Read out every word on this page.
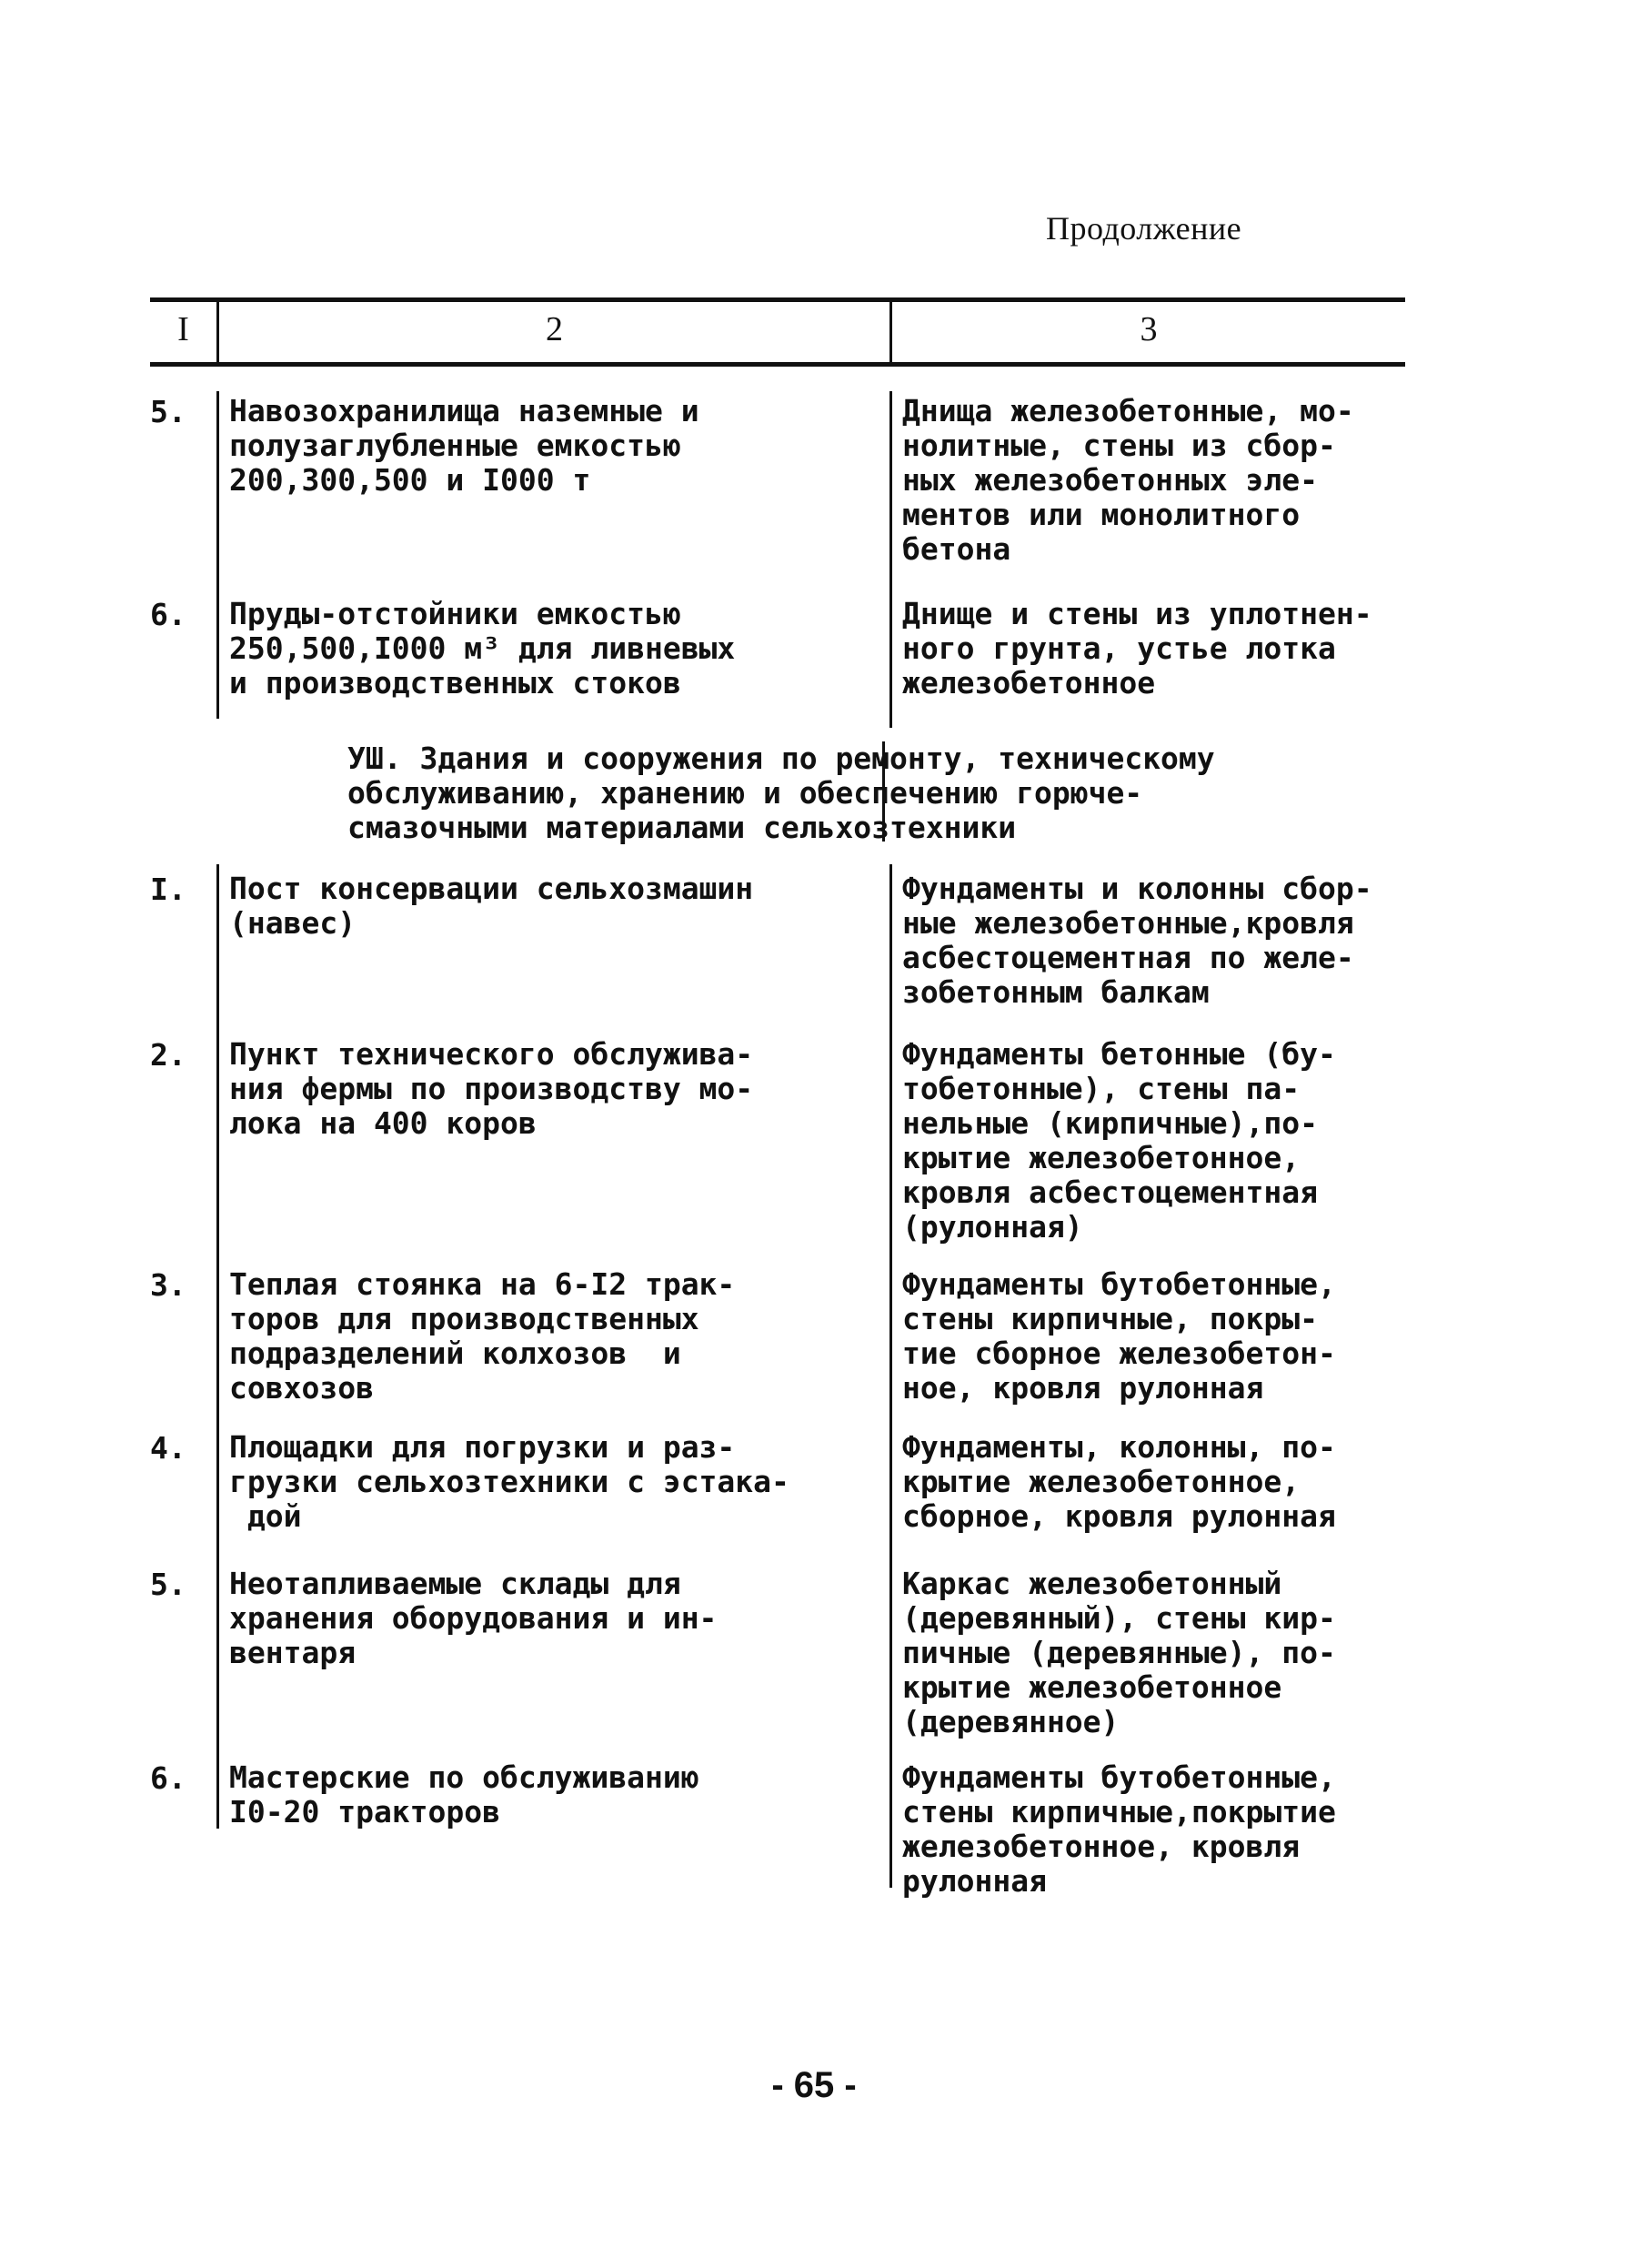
Продолжение
I	2	3
5. Навозохранилища наземные и
полузаглубленные емкостью
200,300,500 и I000 т
Днища железобетонные, мо-
нолитные, стены из сбор-
ных железобетонных эле-
ментов или монолитного
бетона
6. Пруды-отстойники емкостью
250,500,I000 м³ для ливневых
и производственных стоков
Днище и стены из уплотнен-
ного грунта, устье лотка
железобетонное
УШ. Здания и сооружения по ремонту, техническому
обслуживанию, хранению и обеспечению горюче-
смазочными материалами сельхозтехники
I. Пост консервации сельхозмашин
(навес)
Фундаменты и колонны сбор-
ные железобетонные,кровля
асбестоцементная по желе-
зобетонным балкам
2. Пункт технического обслужива-
ния фермы по производству мо-
лока на 400 коров
Фундаменты бетонные (бу-
тобетонные), стены па-
нельные (кирпичные),по-
крытие железобетонное,
кровля асбестоцементная
(рулонная)
3. Теплая стоянка на 6-I2 трак-
торов для производственных
подразделений колхозов  и
совхозов
Фундаменты бутобетонные,
стены кирпичные, покры-
тие сборное железобетон-
ное, кровля рулонная
4. Площадки для погрузки и раз-
грузки сельхозтехники с эстака-
дой
Фундаменты, колонны, по-
крытие железобетонное,
сборное, кровля рулонная
5. Неотапливаемые склады для
хранения оборудования и ин-
вентаря
Каркас железобетонный
(деревянный), стены кир-
пичные (деревянные), по-
крытие железобетонное
(деревянное)
6. Мастерские по обслуживанию
I0-20 тракторов
Фундаменты бутобетонные,
стены кирпичные,покрытие
железобетонное, кровля
рулонная
- 65 -
